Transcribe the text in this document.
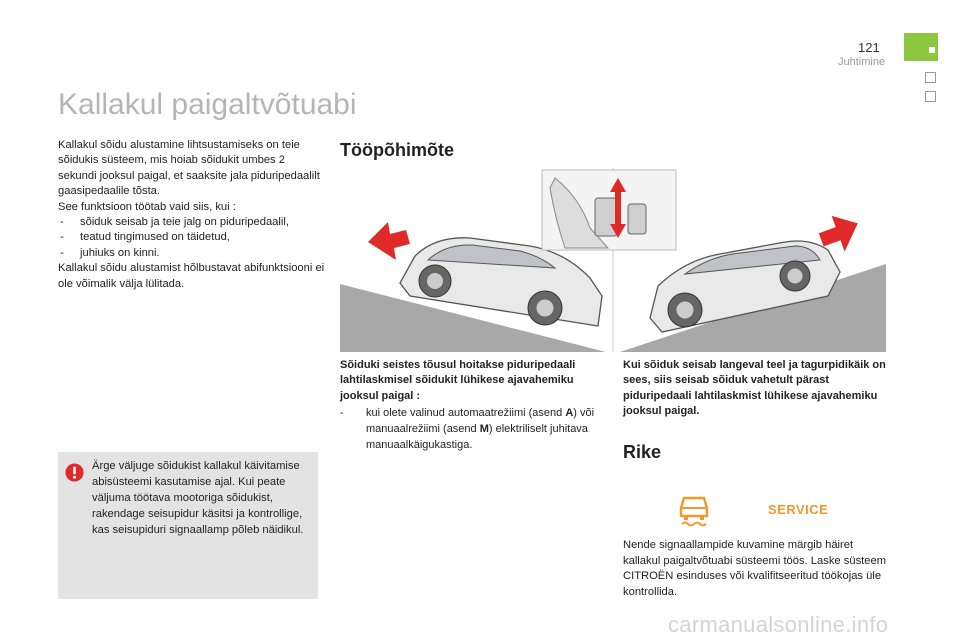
121
Juhtimine
Kallakul paigaltvõtuabi

Kallakul sõidu alustamine lihtsustamiseks on teie sõidukis süsteem, mis hoiab sõidukit umbes 2 sekundi jooksul paigal, et saaksite jala piduripedaalilt gaasipedaalile tõsta.

See funktsioon töötab vaid siis, kui :

- sõiduk seisab ja teie jalg on piduripedaalil,

- teatud tingimused on täidetud,

- juhiuks on kinni.

Kallakul sõidu alustamist hõlbustavat abifunktsiooni ei ole võimalik välja lülitada.

Ärge väljuge sõidukist kallakul käivitamise abisüsteemi kasutamise ajal. Kui peate väljuma töötava mootoriga sõidukist, rakendage seisupidur käsitsi ja kontrollige, kas seisupiduri signaallamp põleb näidikul.
Tööpõhimõte
Sõiduki seistes tõusul hoitakse piduripedaali lahtilaskmisel sõidukit lühikese ajavahemiku jooksul paigal :
- kui olete valinud automaatrežiimi (asend A) või manuaalrežiimi (asend M) elektriliselt juhitava manuaalkäigukastiga.
Kui sõiduk seisab langeval teel ja tagurpidikäik on sees, siis seisab sõiduk vahetult pärast piduripedaali lahtilaskmist lühikese ajavahemiku jooksul paigal.
Rike
SERVICE
Nende signaallampide kuvamine märgib häiret kallakul paigaltvõtuabi süsteemi töös. Laske süsteem CITROËN esinduses või kvalifitseeritud töökojas üle kontrollida.
carmanualsonline.info
